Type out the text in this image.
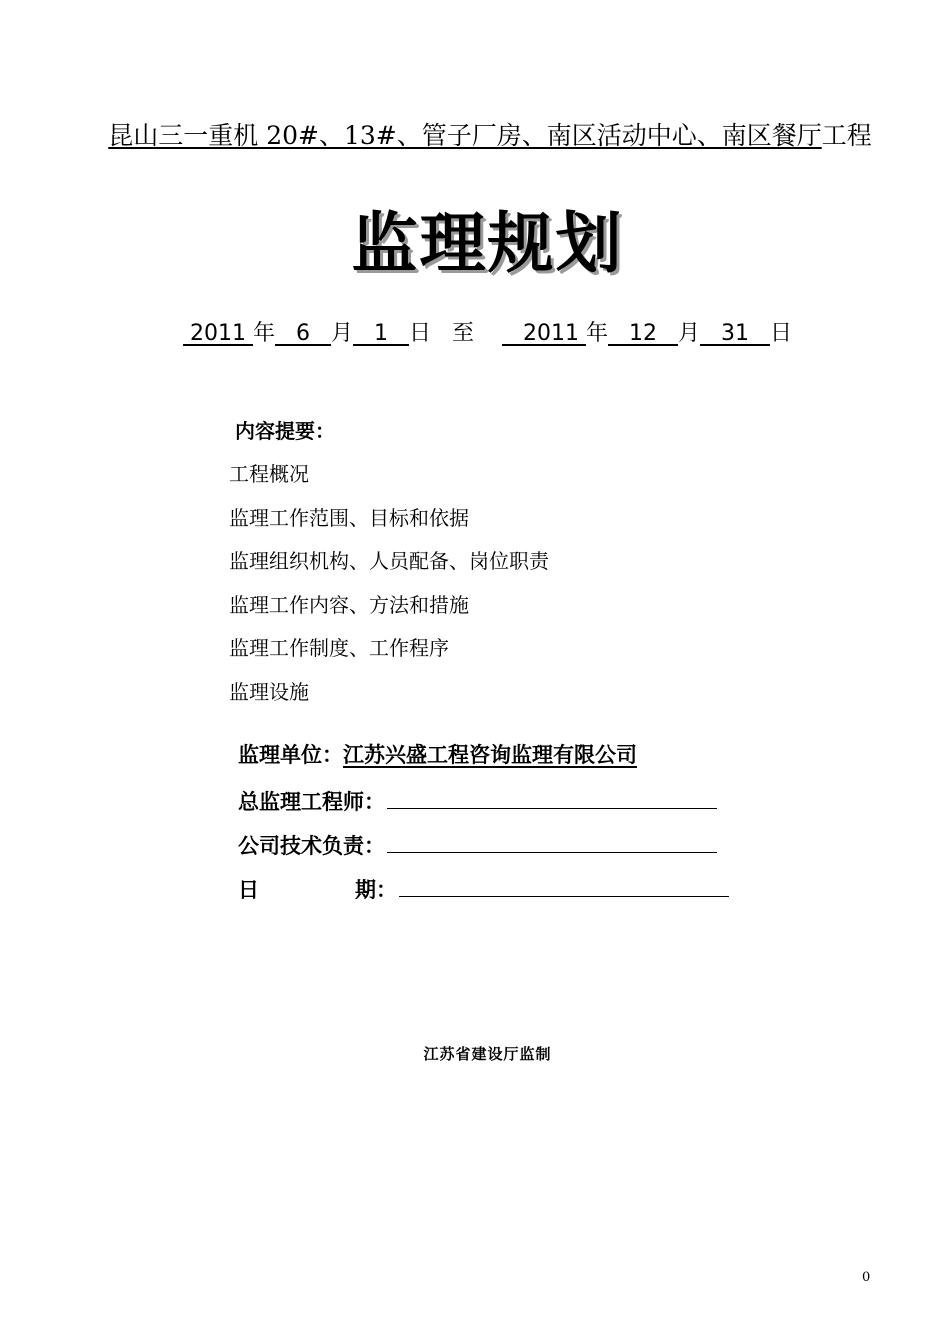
昆山三一重机 20#、13#、管子厂房、南区活动中心、南区餐厅工程
监理规划
2011 年 6 月 1 日 至 2011 年 12 月 31 日
内容提要：
工程概况
监理工作范围、目标和依据
监理组织机构、人员配备、岗位职责
监理工作内容、方法和措施
监理工作制度、工作程序
监理设施
监理单位： 江苏兴盛工程咨询监理有限公司
总监理工程师：
公司技术负责：
日	期：
江苏省建设厅监制
0
